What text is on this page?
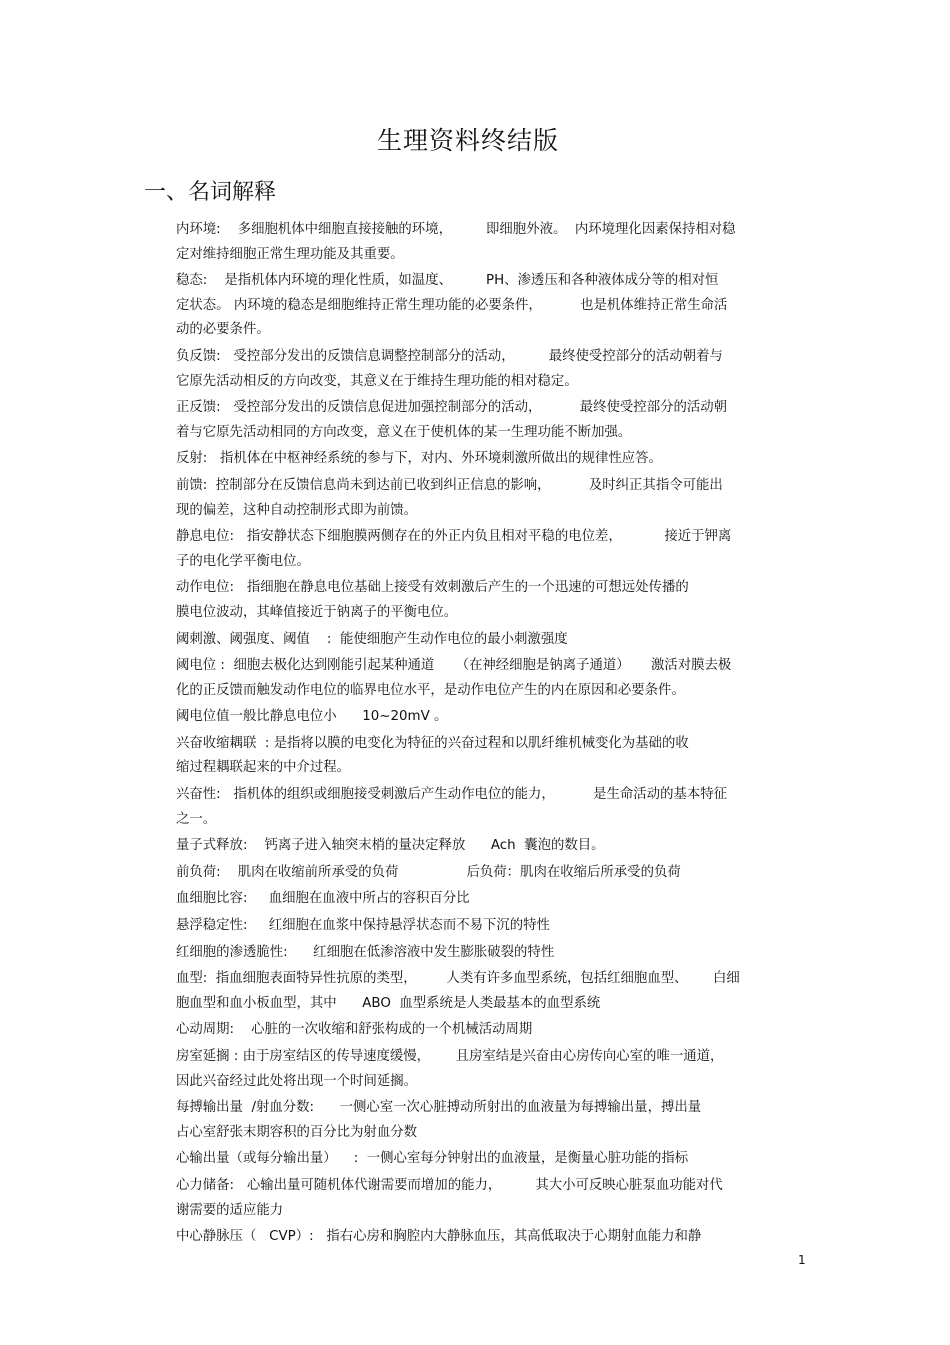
生理资料终结版
一、名词解释

内环境:    多细胞机体中细胞直接接触的环境，        即细胞外液。  内环境理化因素保持相对稳

定对维持细胞正常生理功能及其重要。

稳态:    是指机体内环境的理化性质，如温度、        PH、渗透压和各种液体成分等的相对恒

定状态。 内环境的稳态是细胞维持正常生理功能的必要条件，         也是机体维持正常生命活

动的必要条件。

负反馈:   受控部分发出的反馈信息调整控制部分的活动，        最终使受控部分的活动朝着与

它原先活动相反的方向改变，其意义在于维持生理功能的相对稳定。

正反馈:   受控部分发出的反馈信息促进加强控制部分的活动，         最终使受控部分的活动朝

着与它原先活动相同的方向改变，意义在于使机体的某一生理功能不断加强。

反射:   指机体在中枢神经系统的参与下，对内、外环境刺激所做出的规律性应答。

前馈:  控制部分在反馈信息尚未到达前已收到纠正信息的影响，         及时纠正其指令可能出

现的偏差，这种自动控制形式即为前馈。

静息电位:   指安静状态下细胞膜两侧存在的外正内负且相对平稳的电位差，          接近于钾离

子的电化学平衡电位。

动作电位:   指细胞在静息电位基础上接受有效刺激后产生的一个迅速的可想远处传播的

膜电位波动，其峰值接近于钠离子的平衡电位。

阈刺激、阈强度、阈值    :  能使细胞产生动作电位的最小刺激强度

阈电位 :  细胞去极化达到刚能引起某种通道     （在神经细胞是钠离子通道）     激活对膜去极

化的正反馈而触发动作电位的临界电位水平，是动作电位产生的内在原因和必要条件。

阈电位值一般比静息电位小      10~20mV 。

兴奋收缩耦联  : 是指将以膜的电变化为特征的兴奋过程和以肌纤维机械变化为基础的收

缩过程耦联起来的中介过程。

兴奋性:   指机体的组织或细胞接受刺激后产生动作电位的能力，         是生命活动的基本特征

之一。

量子式释放:    钙离子进入轴突末梢的量决定释放      Ach  囊泡的数目。

前负荷:    肌肉在收缩前所承受的负荷                后负荷：肌肉在收缩后所承受的负荷

血细胞比容:     血细胞在血液中所占的容积百分比

悬浮稳定性:     红细胞在血浆中保持悬浮状态而不易下沉的特性

红细胞的渗透脆性:      红细胞在低渗溶液中发生膨胀破裂的特性

血型:  指血细胞表面特异性抗原的类型，       人类有许多血型系统，包括红细胞血型、      白细

胞血型和血小板血型，其中      ABO  血型系统是人类最基本的血型系统

心动周期:    心脏的一次收缩和舒张构成的一个机械活动周期

房室延搁 : 由于房室结区的传导速度缓慢，      且房室结是兴奋由心房传向心室的唯一通道，

因此兴奋经过此处将出现一个时间延搁。

每搏输出量  /射血分数:      一侧心室一次心脏搏动所射出的血液量为每搏输出量，搏出量

占心室舒张末期容积的百分比为射血分数

心输出量（或每分输出量）    :  一侧心室每分钟射出的血液量，是衡量心脏功能的指标

心力储备:   心输出量可随机体代谢需要而增加的能力，        其大小可反映心脏泵血功能对代

谢需要的适应能力

中心静脉压（   CVP）:   指右心房和胸腔内大静脉血压，其高低取决于心期射血能力和静

1
